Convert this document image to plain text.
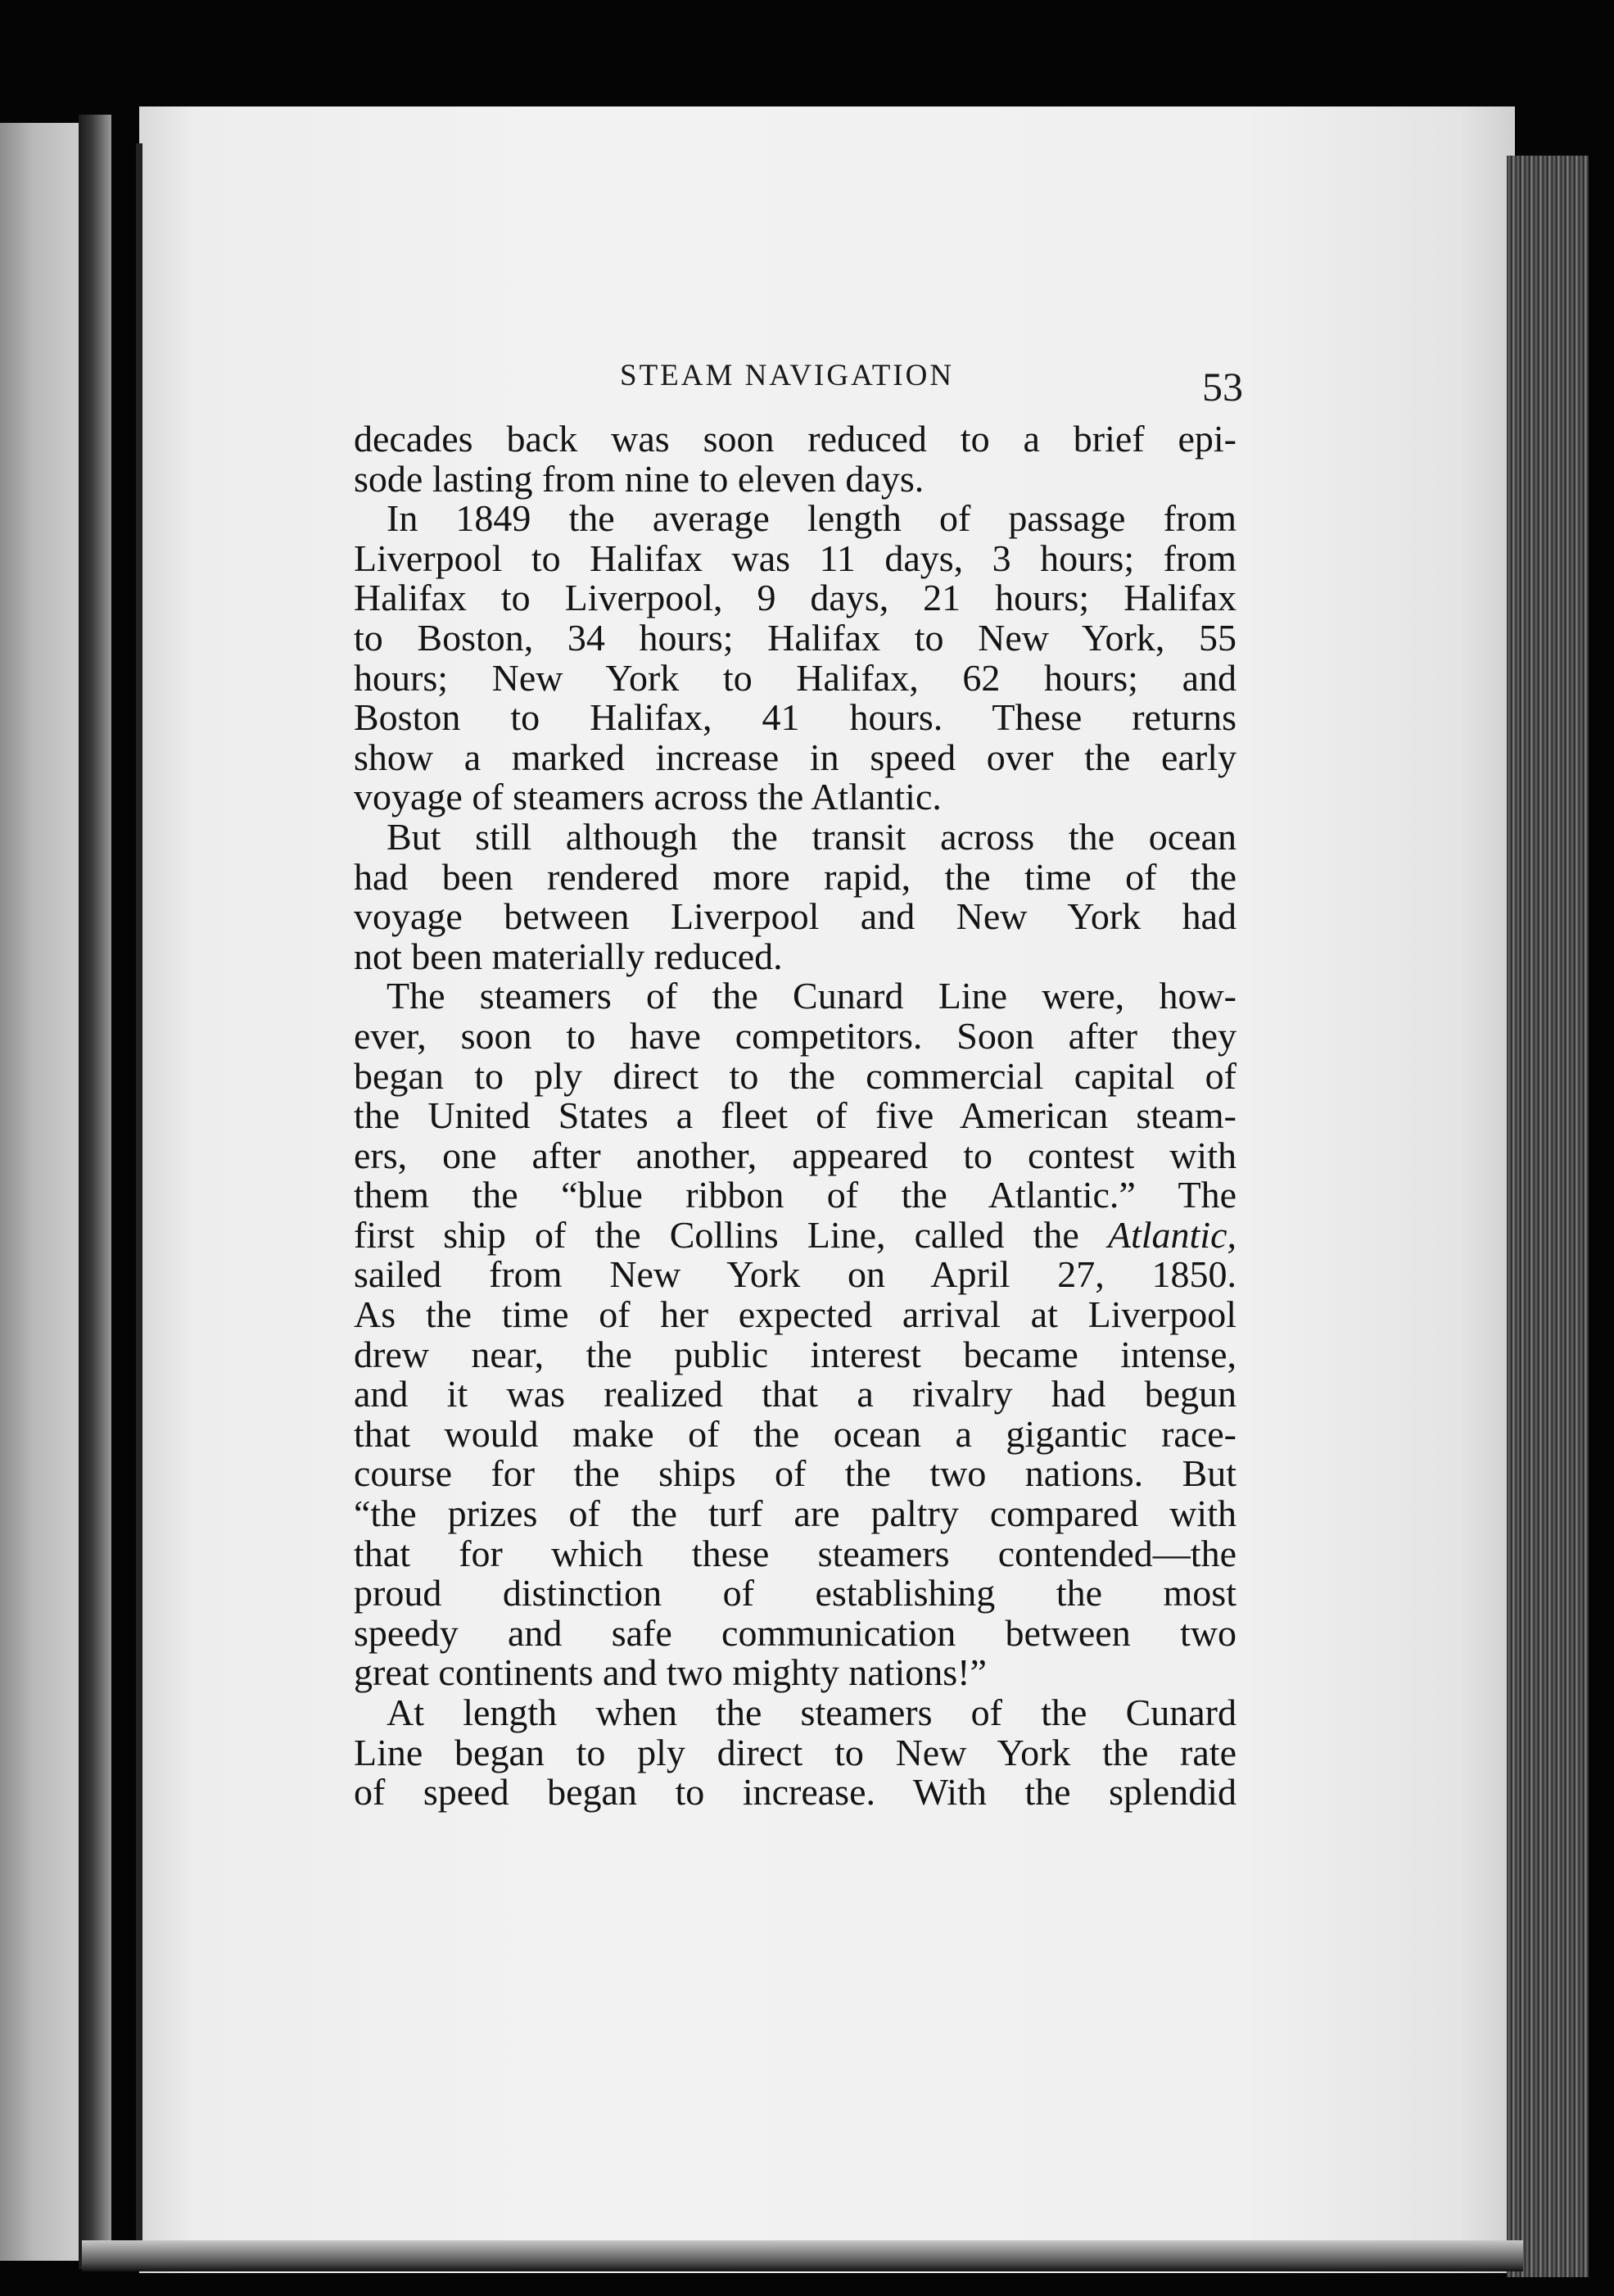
STEAM NAVIGATION	53
decades back was soon reduced to a brief epi-
sode lasting from nine to eleven days.
In 1849 the average length of passage from
Liverpool to Halifax was 11 days, 3 hours; from
Halifax to Liverpool, 9 days, 21 hours; Halifax
to Boston, 34 hours; Halifax to New York, 55
hours; New York to Halifax, 62 hours; and
Boston to Halifax, 41 hours. These returns
show a marked increase in speed over the early
voyage of steamers across the Atlantic.
But still although the transit across the ocean
had been rendered more rapid, the time of the
voyage between Liverpool and New York had
not been materially reduced.
The steamers of the Cunard Line were, how-
ever, soon to have competitors. Soon after they
began to ply direct to the commercial capital of
the United States a fleet of five American steam-
ers, one after another, appeared to contest with
them the “blue ribbon of the Atlantic.” The
first ship of the Collins Line, called the Atlantic,
sailed from New York on April 27, 1850.
As the time of her expected arrival at Liverpool
drew near, the public interest became intense,
and it was realized that a rivalry had begun
that would make of the ocean a gigantic race-
course for the ships of the two nations. But
“the prizes of the turf are paltry compared with
that for which these steamers contended—the
proud distinction of establishing the most
speedy and safe communication between two
great continents and two mighty nations!”
At length when the steamers of the Cunard
Line began to ply direct to New York the rate
of speed began to increase. With the splendid
